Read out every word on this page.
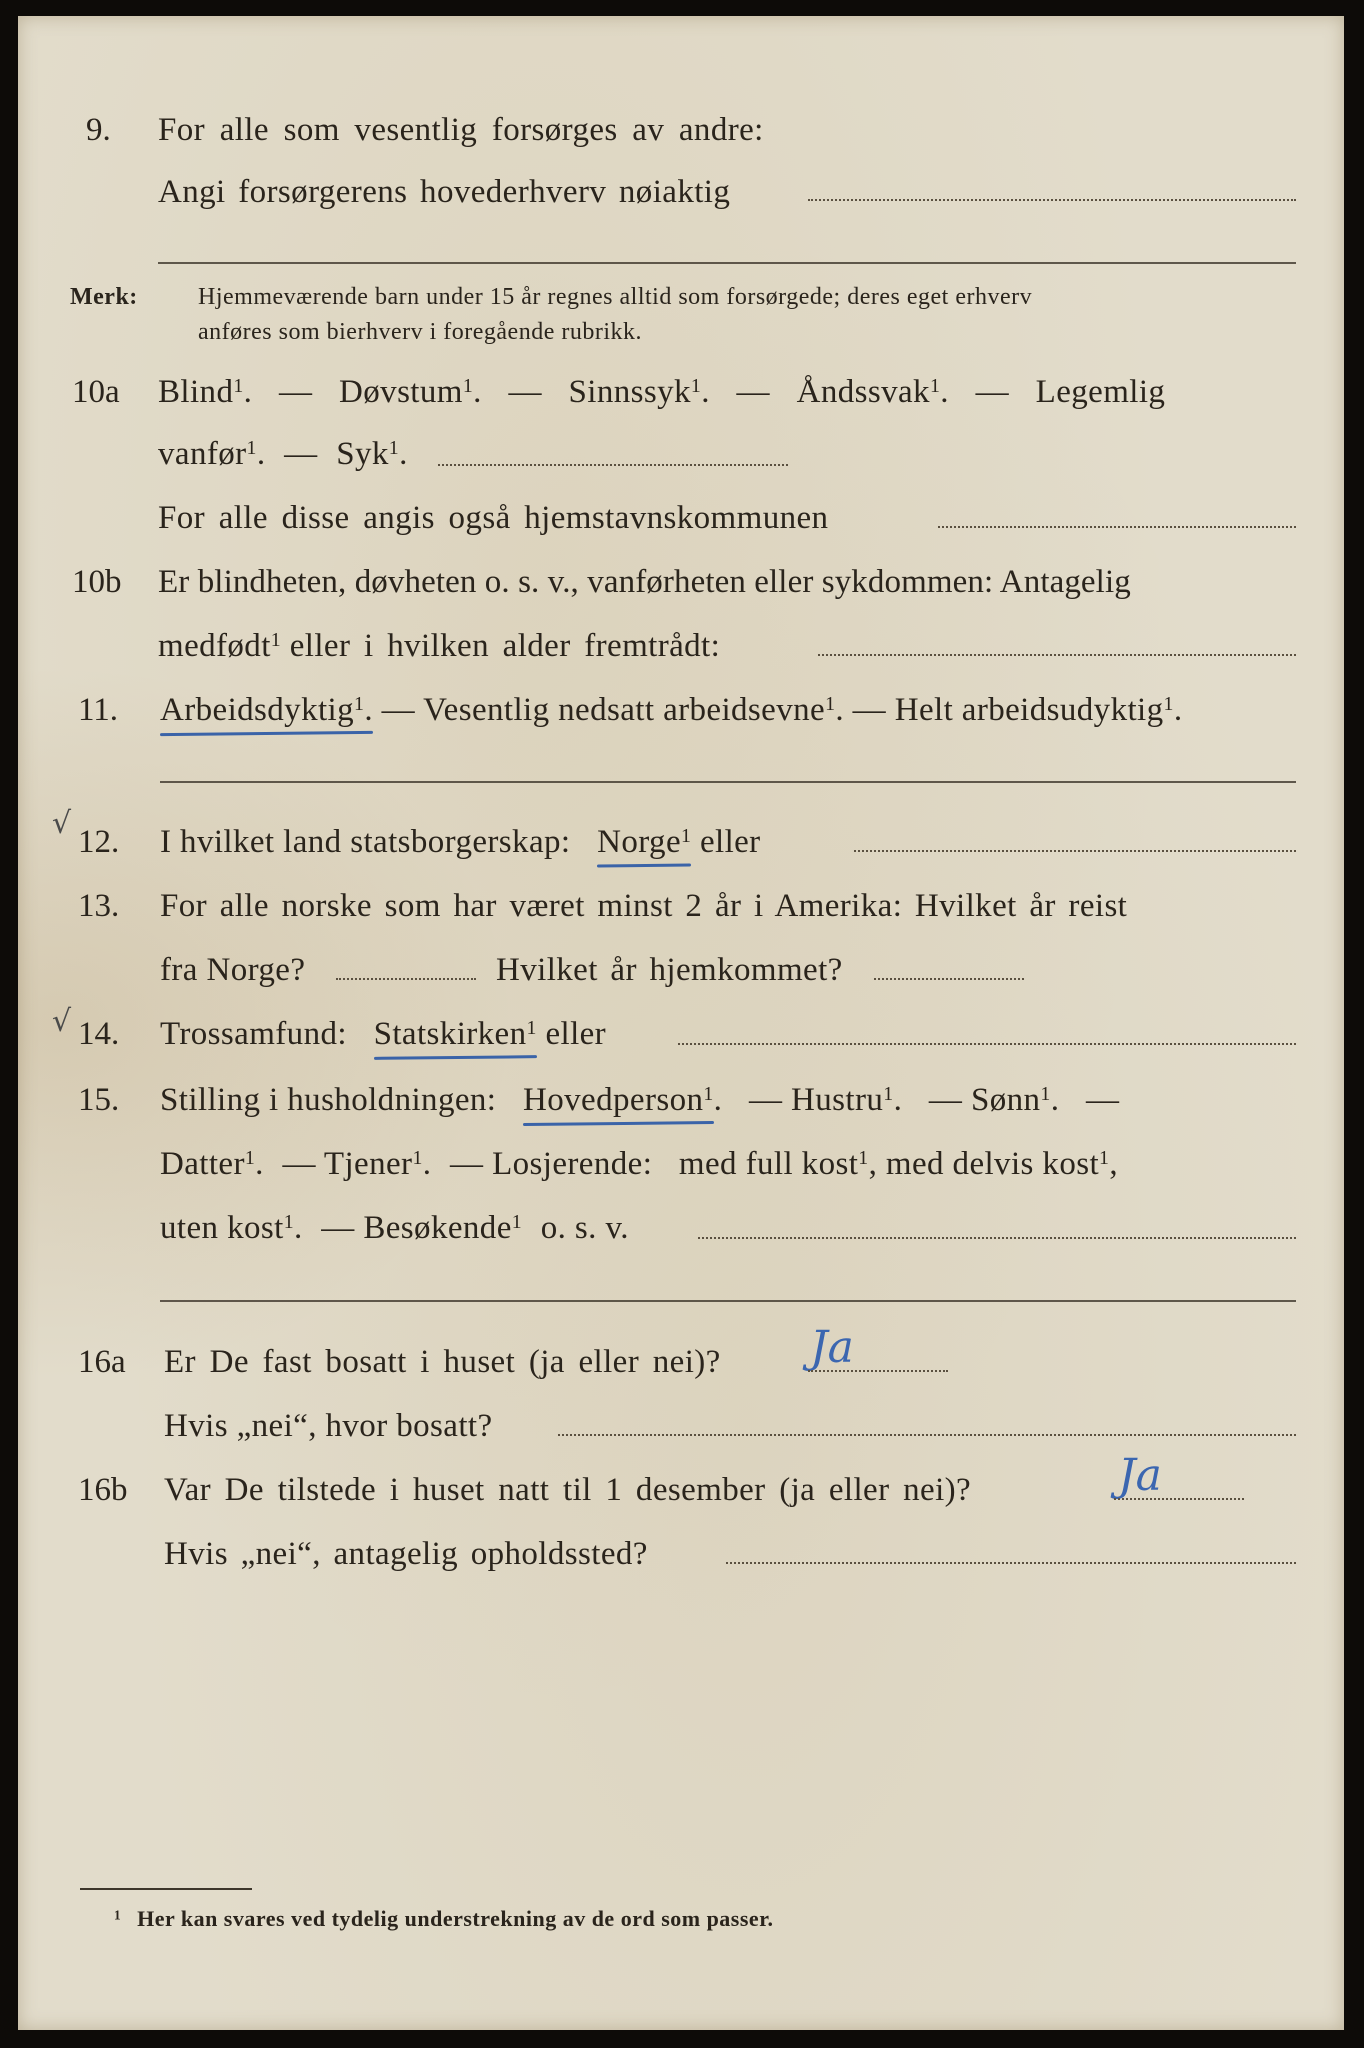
9. For alle som vesentlig forsørges av andre:
Angi forsørgerens hovederhverv nøiaktig
Merk:	Hjemmeværende barn under 15 år regnes alltid som forsørgede; deres eget erhverv
anføres som bierhverv i foregående rubrikk.
10a Blind$^1$. — Døvstum$^1$. — Sinnssyk$^1$. — Åndssvak$^1$. — Legemlig
vanfør$^1$. — Syk$^1$.
For alle disse angis også hjemstavnskommunen
10b Er blindheten, døvheten o. s. v., vanførheten eller sykdommen: Antagelig
medfødt$^1$ eller i hvilken alder fremtrådt:
11. Arbeidsdyktig$^1$. — Vesentlig nedsatt arbeidsevne$^1$. — Helt arbeidsudyktig$^1$.
√
12. I hvilket land statsborgerskap: Norge$^1$ eller
13. For alle norske som har været minst 2 år i Amerika: Hvilket år reist
fra Norge?	Hvilket år hjemkommet?
√ 14. Trossamfund: Statskirken$^1$ eller
15. Stilling i husholdningen: Hovedperson$^1$. — Hustru$^1$. — Sønn$^1$. —
Datter$^1$. — Tjener$^1$. — Losjerende: med full kost$^1$, med delvis kost$^1$,
uten kost$^1$. — Besøkende$^1$ o. s. v.
16a Er De fast bosatt i huset (ja eller nei)? Ja
Hvis „nei“, hvor bosatt?
16b Var De tilstede i huset natt til 1 desember (ja eller nei)?	Ja
Hvis „nei“, antagelig opholdssted?
$^1$ Her kan svares ved tydelig understrekning av de ord som passer.
